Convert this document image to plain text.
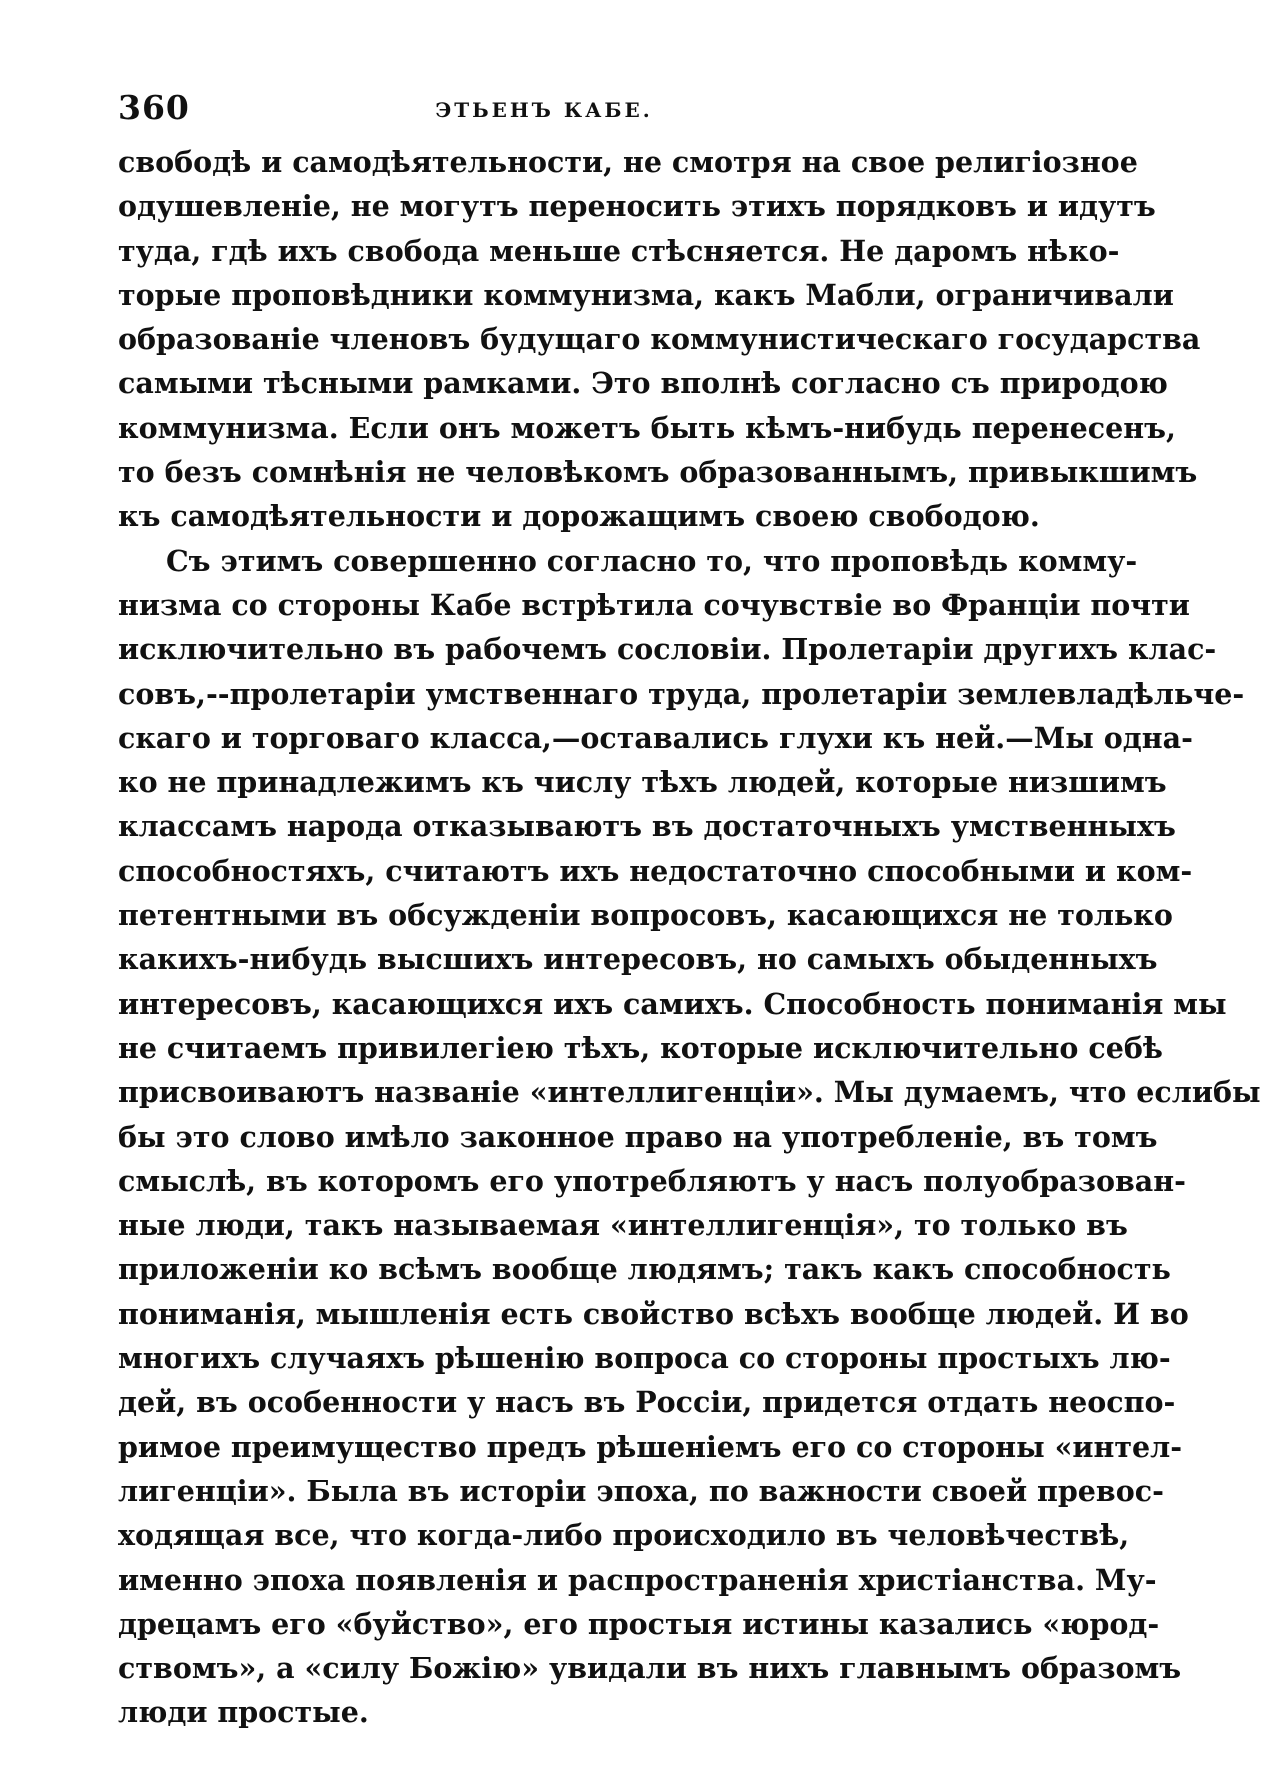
360	ЭТЬЕНЪ КАБЕ.
свободѣ и самодѣятельности, не смотря на свое религіозное
одушевленіе, не могутъ переносить этихъ порядковъ и идутъ
туда, гдѣ ихъ свобода меньше стѣсняется. Не даромъ нѣко-
торые проповѣдники коммунизма, какъ Мабли, ограничивали
образованіе членовъ будущаго коммунистическаго государства
самыми тѣсными рамками. Это вполнѣ согласно съ природою
коммунизма. Если онъ можетъ быть кѣмъ-нибудь перенесенъ,
то безъ сомнѣнія не человѣкомъ образованнымъ, привыкшимъ
къ самодѣятельности и дорожащимъ своею свободою.
Съ этимъ совершенно согласно то, что проповѣдь комму-
низма со стороны Кабе встрѣтила сочувствіе во Франціи почти
исключительно въ рабочемъ сословіи. Пролетаріи другихъ клас-
совъ,--пролетаріи умственнаго труда, пролетаріи землевладѣльче-
скаго и торговаго класса,—оставались глухи къ ней.—Мы одна-
ко не принадлежимъ къ числу тѣхъ людей, которые низшимъ
классамъ народа отказываютъ въ достаточныхъ умственныхъ
способностяхъ, считаютъ ихъ недостаточно способными и ком-
петентными въ обсужденіи вопросовъ, касающихся не только
какихъ-нибудь высшихъ интересовъ, но самыхъ обыденныхъ
интересовъ, касающихся ихъ самихъ. Способность пониманія мы
не считаемъ привилегіею тѣхъ, которые исключительно себѣ
присвоиваютъ названіе «интеллигенціи». Мы думаемъ, что еслибы
бы это слово имѣло законное право на употребленіе, въ томъ
смыслѣ, въ которомъ его употребляютъ у насъ полуобразован-
ные люди, такъ называемая «интеллигенція», то только въ
приложеніи ко всѣмъ вообще людямъ; такъ какъ способность
пониманія, мышленія есть свойство всѣхъ вообще людей. И во
многихъ случаяхъ рѣшенію вопроса со стороны простыхъ лю-
дей, въ особенности у насъ въ Россіи, придется отдать неоспо-
римое преимущество предъ рѣшеніемъ его со стороны «интел-
лигенціи». Была въ исторіи эпоха, по важности своей превос-
ходящая все, что когда-либо происходило въ человѣчествѣ,
именно эпоха появленія и распространенія христіанства. Му-
дрецамъ его «буйство», его простыя истины казались «юрод-
ствомъ», а «силу Божію» увидали въ нихъ главнымъ образомъ
люди простые.
